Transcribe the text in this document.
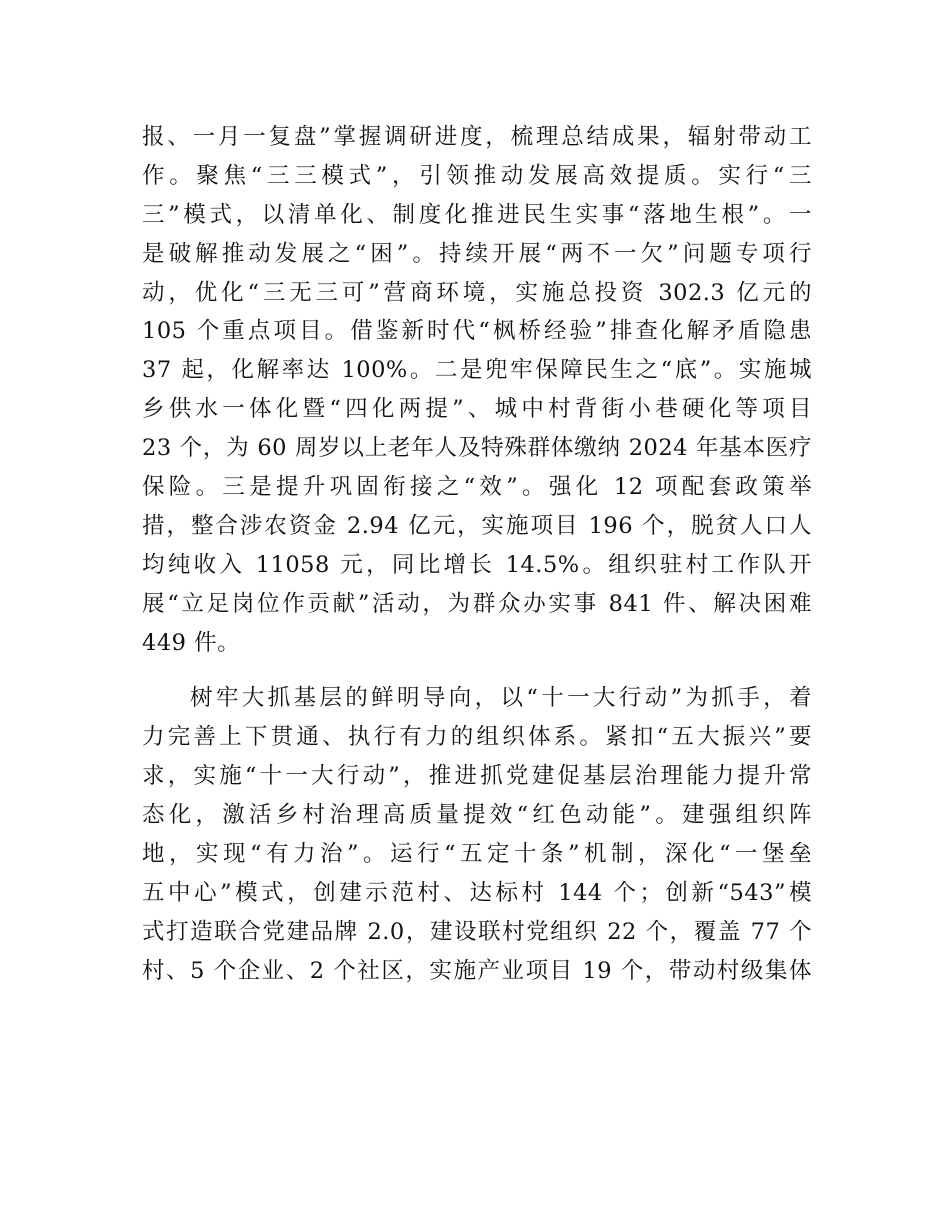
报、一月一复盘”掌握调研进度，梳理总结成果，辐射带动工
作。聚焦“三三模式”，引领推动发展高效提质。实行“三
三”模式，以清单化、制度化推进民生实事“落地生根”。一
是破解推动发展之“困”。持续开展“两不一欠”问题专项行
动，优化“三无三可”营商环境，实施总投资 302.3 亿元的
105 个重点项目。借鉴新时代“枫桥经验”排查化解矛盾隐患
37 起，化解率达 100%。二是兜牢保障民生之“底”。实施城
乡供水一体化暨“四化两提”、城中村背街小巷硬化等项目
23 个，为 60 周岁以上老年人及特殊群体缴纳 2024 年基本医疗
保险。三是提升巩固衔接之“效”。强化 12 项配套政策举
措，整合涉农资金 2.94 亿元，实施项目 196 个，脱贫人口人
均纯收入 11058 元，同比增长 14.5%。组织驻村工作队开
展“立足岗位作贡献”活动，为群众办实事 841 件、解决困难
449 件。
树牢大抓基层的鲜明导向，以“十一大行动”为抓手，着
力完善上下贯通、执行有力的组织体系。紧扣“五大振兴”要
求，实施“十一大行动”，推进抓党建促基层治理能力提升常
态化，激活乡村治理高质量提效“红色动能”。建强组织阵
地，实现“有力治”。运行“五定十条”机制，深化“一堡垒
五中心”模式，创建示范村、达标村 144 个；创新“543”模
式打造联合党建品牌 2.0，建设联村党组织 22 个，覆盖 77 个
村、5 个企业、2 个社区，实施产业项目 19 个，带动村级集体
